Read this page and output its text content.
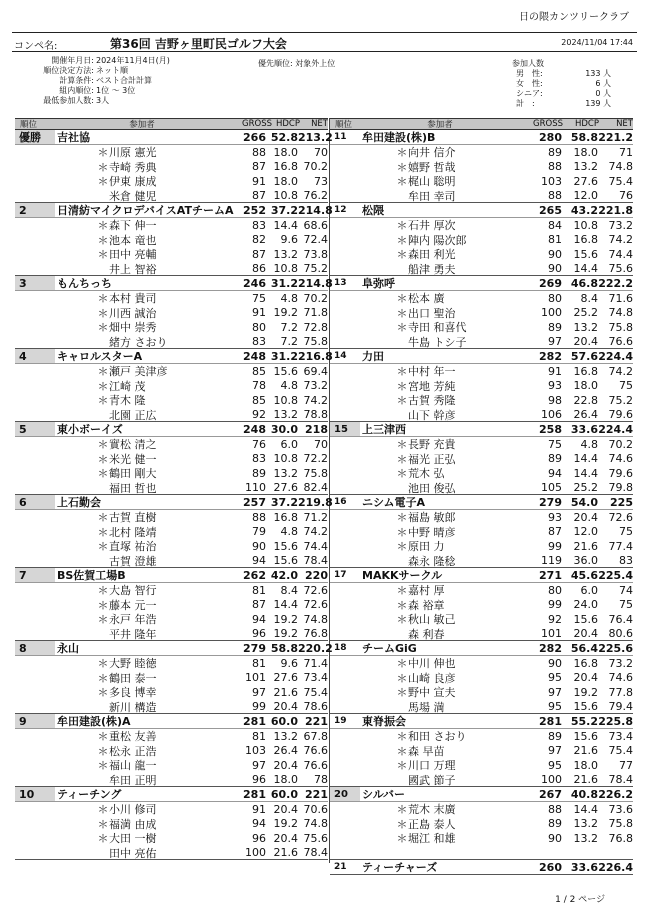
日の隈カンツリークラブ
コンペ名:	第36回 吉野ヶ里町民ゴルフ大会	2024/11/04 17:44
開催年月日: 2024年11月4日(月)
順位決定方法: ネット順
計算条件: ベスト合計計算
組内順位: 1位 ～ 3位
最低参加人数: 3人
優先順位: 対象外上位	参加人数
男　性:	133 人
女　性:	6 人
シニア:	0 人
計　:	139 人
順位	参加者	GROSS HDCP	NET
優勝	吉社協	266 52.8 213.2
＊川原 憲光	88 18.0	70
＊寺崎 秀典	87 16.8 70.2
＊伊東 康成	91 18.0	73
米倉 健児	87 10.8 76.2
2	日清紡マイクロデバイスATチームA 252 37.2 214.8
＊森下 伸一	83 14.4 68.6
＊池本 竜也	82	9.6 72.4
＊田中 亮輔	87 13.2 73.8
井上 智裕	86 10.8 75.2
3	もんちっち	246 31.2 214.8
＊本村 貴司	75	4.8 70.2
＊川西 誠治	91 19.2 71.8
＊畑中 崇秀	80	7.2 72.8
緒方 さおり	83	7.2 75.8
4	キャロルスターA	248 31.2 216.8
＊瀬戸 美津彦	85 15.6 69.4
＊江崎 茂	78	4.8 73.2
＊青木 隆	85 10.8 74.2
北園 正広	92 13.2 78.8
5	東小ボーイズ	248 30.0 218
＊實松 清之	76	6.0	70
＊米光 健一	83 10.8 72.2
＊鶴田 剛大	89 13.2 75.8
福田 哲也	110 27.6 82.4
6	上石勤会	257 37.2 219.8
＊古賀 直樹	88 16.8 71.2
＊北村 隆靖	79	4.8 74.2
＊直塚 祐治	90 15.6 74.4
古賀 澄雄	94 15.6 78.4
7	BS佐賀工場B	262 42.0 220
＊大島 智行	81	8.4 72.6
＊藤本 元一	87 14.4 72.6
＊永戸 年浩	94 19.2 74.8
平井 隆年	96 19.2 76.8
8	永山	279 58.8 220.2
＊大野 睦徳	81	9.6 71.4
＊鶴田 泰一	101 27.6 73.4
＊多良 博幸	97 21.6 75.4
新川 構造	99 20.4 78.6
9	牟田建設(株)A	281 60.0 221
＊重松 友善	81 13.2 67.8
＊松永 正浩	103 26.4 76.6
＊福山 龍一	97 20.4 76.6
牟田 正明	96 18.0	78
10	ティーチング	281 60.0 221
＊小川 修司	91 20.4 70.6
＊福満 由成	94 19.2 74.8
＊大田 一樹	96 20.4 75.6
田中 亮佑	100 21.6 78.4
順位	参加者	GROSS	HDCP	NET
11	牟田建設(株)B	280 58.8 221.2
＊向井 信介	89	18.0	71
＊嬉野 哲哉	88	13.2 74.8
＊梶山 聡明	103	27.6 75.4
牟田 幸司	88	12.0	76
12	松隈	265 43.2 221.8
＊石井 厚次	84	10.8 73.2
＊陣内 陽次郎	81	16.8 74.2
＊森田 利光	90	15.6 74.4
船津 勇夫	90	14.4 75.6
13	阜弥呼	269 46.8 222.2
＊松本 廣	80	8.4 71.6
＊出口 聖治	100	25.2 74.8
＊寺田 和喜代	89	13.2 75.8
牛島 トシ子	97	20.4 76.6
14	力田	282 57.6 224.4
＊中村 年一	91	16.8 74.2
＊宮地 芳純	93	18.0	75
＊古賀 秀隆	98	22.8 75.2
山下 幹彦	106	26.4 79.6
15	上三津西	258 33.6 224.4
＊長野 充貴	75	4.8 70.2
＊福光 正弘	89	14.4 74.6
＊荒木 弘	94	14.4 79.6
池田 俊弘	105	25.2 79.8
16	ニシム電子A	279 54.0	225
＊福島 敏郎	93	20.4 72.6
＊中野 晴彦	87	12.0	75
＊原田 力	99	21.6 77.4
森永 隆稔	119	36.0	83
17	MAKKサークル	271 45.6 225.4
＊嘉村 厚	80	6.0	74
＊森 裕章	99	24.0	75
＊秋山 敏己	92	15.6 76.4
森 利春	101	20.4 80.6
18	チームGiG	282 56.4 225.6
＊中川 伸也	90	16.8 73.2
＊山崎 良彦	95	20.4 74.6
＊野中 宣夫	97	19.2 77.8
馬場 満	95	15.6 79.4
19	東脊振会	281 55.2 225.8
＊和田 さおり	89	15.6 73.4
＊森 早苗	97	21.6 75.4
＊川口 万理	95	18.0	77
國武 節子	100	21.6 78.4
20	シルバー	267 40.8 226.2
＊荒木 末廣	88	14.4 73.6
＊正島 泰人	89	13.2 75.8
＊堀江 和雄	90	13.2 76.8
21	ティーチャーズ	260 33.6 226.4
1 / 2 ページ
